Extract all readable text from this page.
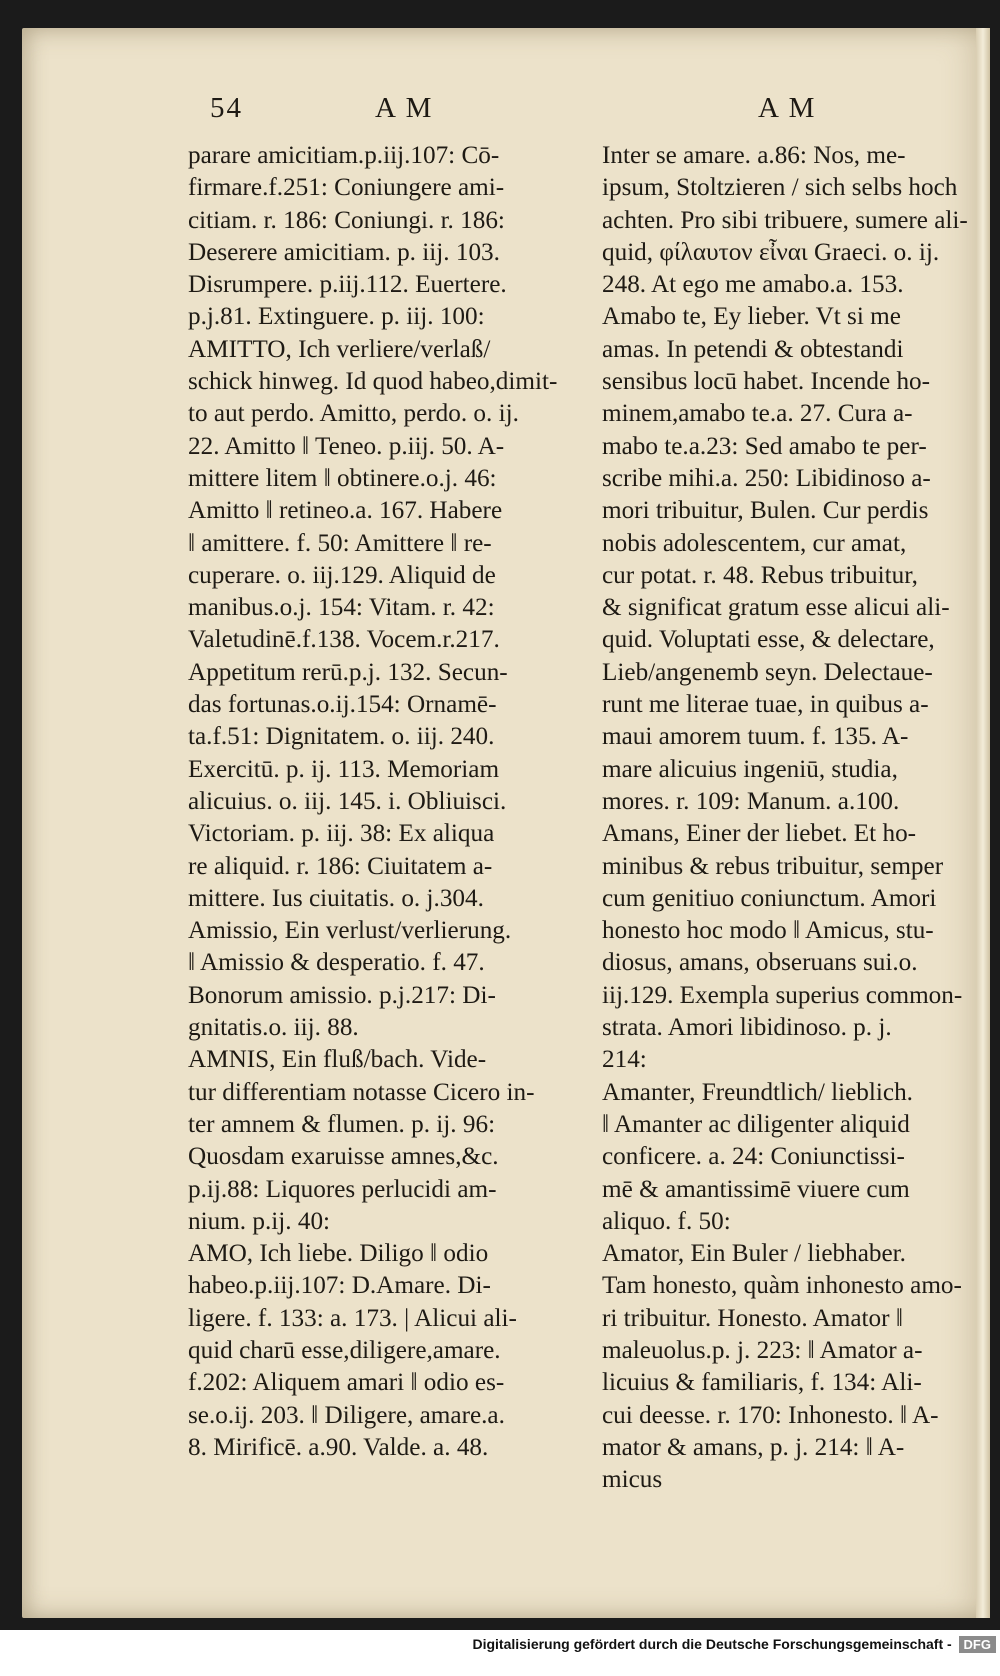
54	A M	A M
parare amicitiam.p.iij.107: Cō-
firmare.f.251: Coniungere ami-
citiam. r. 186: Coniungi. r. 186:
Deserere amicitiam. p. iij. 103.
Disrumpere. p.iij.112. Euertere.
p.j.81. Extinguere. p. iij. 100:
AMITTO, Ich verliere/verlaß/
schick hinweg. Id quod habeo,dimit-
to aut perdo. Amitto, perdo. o. ij.
22. Amitto ‖ Teneo. p.iij. 50. A-
mittere litem ‖ obtinere.o.j. 46:
Amitto ‖ retineo.a. 167. Habere
‖ amittere. f. 50: Amittere ‖ re-
cuperare. o. iij.129. Aliquid de
manibus.o.j. 154: Vitam. r. 42:
Valetudinē.f.138. Vocem.r.217.
Appetitum rerū.p.j. 132. Secun-
das fortunas.o.ij.154: Ornamē-
ta.f.51: Dignitatem. o. iij. 240.
Exercitū. p. ij. 113. Memoriam
alicuius. o. iij. 145. i. Obliuisci.
Victoriam. p. iij. 38: Ex aliqua
re aliquid. r. 186: Ciuitatem a-
mittere. Ius ciuitatis. o. j.304.
Amissio, Ein verlust/verlierung.
‖ Amissio & desperatio. f. 47.
Bonorum amissio. p.j.217: Di-
gnitatis.o. iij. 88.
AMNIS, Ein fluß/bach. Vide-
tur differentiam notasse Cicero in-
ter amnem & flumen. p. ij. 96:
Quosdam exaruisse amnes,&c.
p.ij.88: Liquores perlucidi am-
nium. p.ij. 40:
AMO, Ich liebe. Diligo ‖ odio
habeo.p.iij.107: D.Amare. Di-
ligere. f. 133: a. 173. | Alicui ali-
quid charū esse,diligere,amare.
f.202: Aliquem amari ‖ odio es-
se.o.ij. 203. ‖ Diligere, amare.a.
8. Mirificē. a.90. Valde. a. 48.
Inter se amare. a.86: Nos, me-
ipsum, Stoltzieren / sich selbs hoch
achten. Pro sibi tribuere, sumere ali-
quid, φίλαυτον εἶναι Graeci. o. ij.
248. At ego me amabo.a. 153.
Amabo te, Ey lieber. Vt si me
amas. In petendi & obtestandi
sensibus locū habet. Incende ho-
minem,amabo te.a. 27. Cura a-
mabo te.a.23: Sed amabo te per-
scribe mihi.a. 250: Libidinoso a-
mori tribuitur, Bulen. Cur perdis
nobis adolescentem, cur amat,
cur potat. r. 48. Rebus tribuitur,
& significat gratum esse alicui ali-
quid. Voluptati esse, & delectare,
Lieb/angenemb seyn. Delectaue-
runt me literae tuae, in quibus a-
maui amorem tuum. f. 135. A-
mare alicuius ingeniū, studia,
mores. r. 109: Manum. a.100.
Amans, Einer der liebet. Et ho-
minibus & rebus tribuitur, semper
cum genitiuo coniunctum. Amori
honesto hoc modo ‖ Amicus, stu-
diosus, amans, obseruans sui.o.
iij.129. Exempla superius common-
strata. Amori libidinoso. p. j.
214:
Amanter, Freundtlich/ lieblich.
‖ Amanter ac diligenter aliquid
conficere. a. 24: Coniunctissi-
mē & amantissimē viuere cum
aliquo. f. 50:
Amator, Ein Buler / liebhaber.
Tam honesto, quàm inhonesto amo-
ri tribuitur. Honesto. Amator ‖
maleuolus.p. j. 223: ‖ Amator a-
licuius & familiaris, f. 134: Ali-
cui deesse. r. 170: Inhonesto. ‖ A-
mator & amans, p. j. 214: ‖ A-
micus
Digitalisierung gefördert durch die Deutsche Forschungsgemeinschaft - DFG
